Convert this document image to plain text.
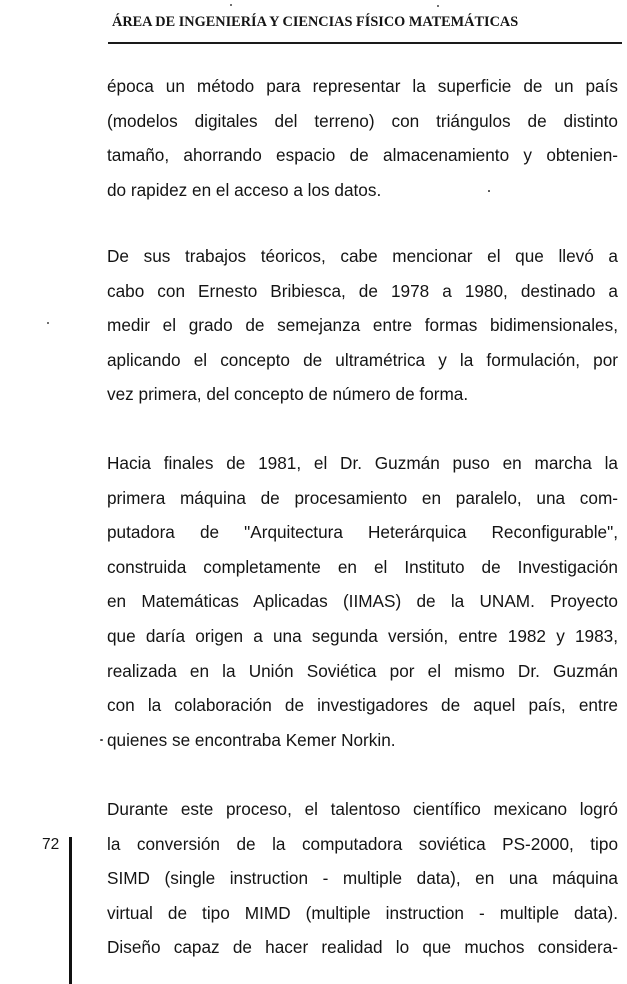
ÁREA DE INGENIERÍA Y CIENCIAS FÍSICO MATEMÁTICAS
época un método para representar la superficie de un país
(modelos digitales del terreno) con triángulos de distinto
tamaño, ahorrando espacio de almacenamiento y obtenien-
do rapidez en el acceso a los datos.
De sus trabajos téoricos, cabe mencionar el que llevó a
cabo con Ernesto Bribiesca, de 1978 a 1980, destinado a
medir el grado de semejanza entre formas bidimensionales,
aplicando el concepto de ultramétrica y la formulación, por
vez primera, del concepto de número de forma.
Hacia finales de 1981, el Dr. Guzmán puso en marcha la
primera máquina de procesamiento en paralelo, una com-
putadora de "Arquitectura Heterárquica Reconfigurable",
construida completamente en el Instituto de Investigación
en Matemáticas Aplicadas (IIMAS) de la UNAM. Proyecto
que daría origen a una segunda versión, entre 1982 y 1983,
realizada en la Unión Soviética por el mismo Dr. Guzmán
con la colaboración de investigadores de aquel país, entre
quienes se encontraba Kemer Norkin.
Durante este proceso, el talentoso científico mexicano logró
la conversión de la computadora soviética PS-2000, tipo
SIMD (single instruction - multiple data), en una máquina
virtual de tipo MIMD (multiple instruction - multiple data).
Diseño capaz de hacer realidad lo que muchos considera-
72
